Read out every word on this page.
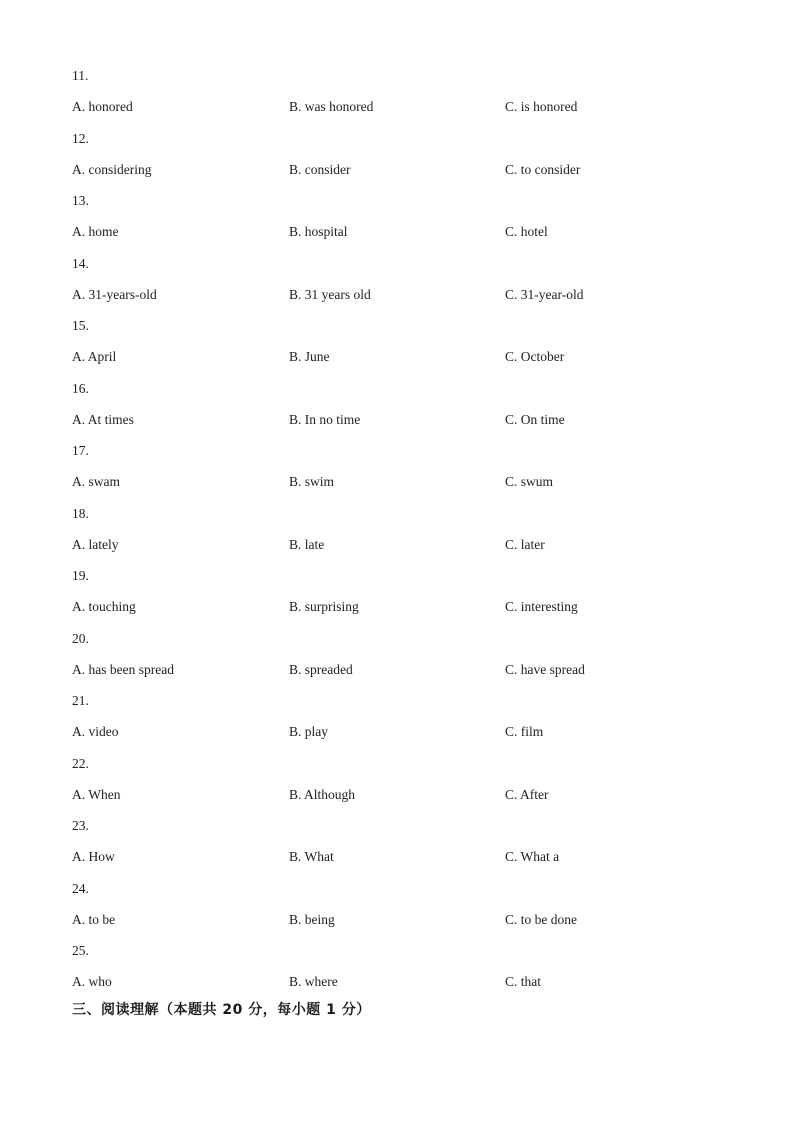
11.
A. honored	B. was honored	C. is honored
12.
A. considering	B. consider	C. to consider
13.
A. home	B. hospital	C. hotel
14.
A. 31-years-old	B. 31 years old	C. 31-year-old
15.
A. April	B. June	C. October
16.
A. At times	B. In no time	C. On time
17.
A. swam	B. swim	C. swum
18.
A. lately	B. late	C. later
19.
A. touching	B. surprising	C. interesting
20.
A. has been spread	B. spreaded	C. have spread
21.
A. video	B. play	C. film
22.
A. When	B. Although	C. After
23.
A. How	B. What	C. What a
24.
A. to be	B. being	C. to be done
25.
A. who	B. where	C. that
三、阅读理解（本题共 20 分，每小题 1 分）
